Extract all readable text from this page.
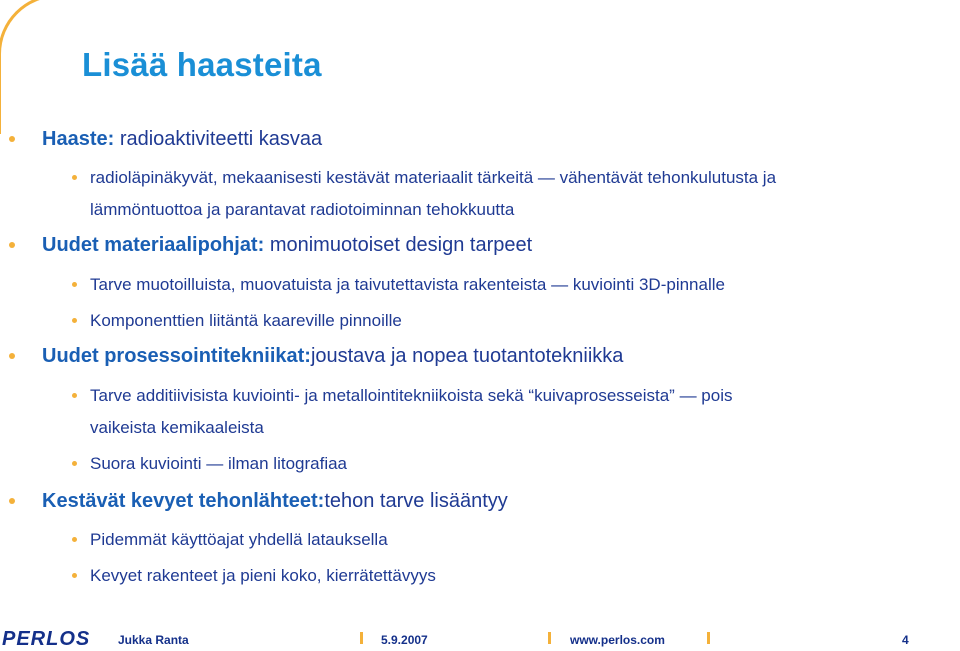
Lisää haasteita
Haaste: radioaktiviteetti kasvaa
radioläpinäkyvät, mekaanisesti kestävät materiaalit tärkeitä — vähentävät tehonkulutusta ja
lämmöntuottoa ja parantavat radiotoiminnan tehokkuutta
Uudet materiaalipohjat: monimuotoiset design tarpeet
Tarve muotoilluista, muovatuista ja taivutettavista rakenteista — kuviointi 3D-pinnalle
Komponenttien liitäntä kaareville pinnoille
Uudet prosessointitekniikat:joustava ja nopea tuotantotekniikka
Tarve additiivisista kuviointi- ja metallointitekniikoista sekä “kuivaprosesseista” — pois
vaikeista kemikaaleista
Suora kuviointi — ilman litografiaa
Kestävät kevyet tehonlähteet:tehon tarve lisääntyy
Pidemmät käyttöajat yhdellä latauksella
Kevyet rakenteet ja pieni koko, kierrätettävyys
PERLOS Jukka Ranta	5.9.2007	www.perlos.com	4
